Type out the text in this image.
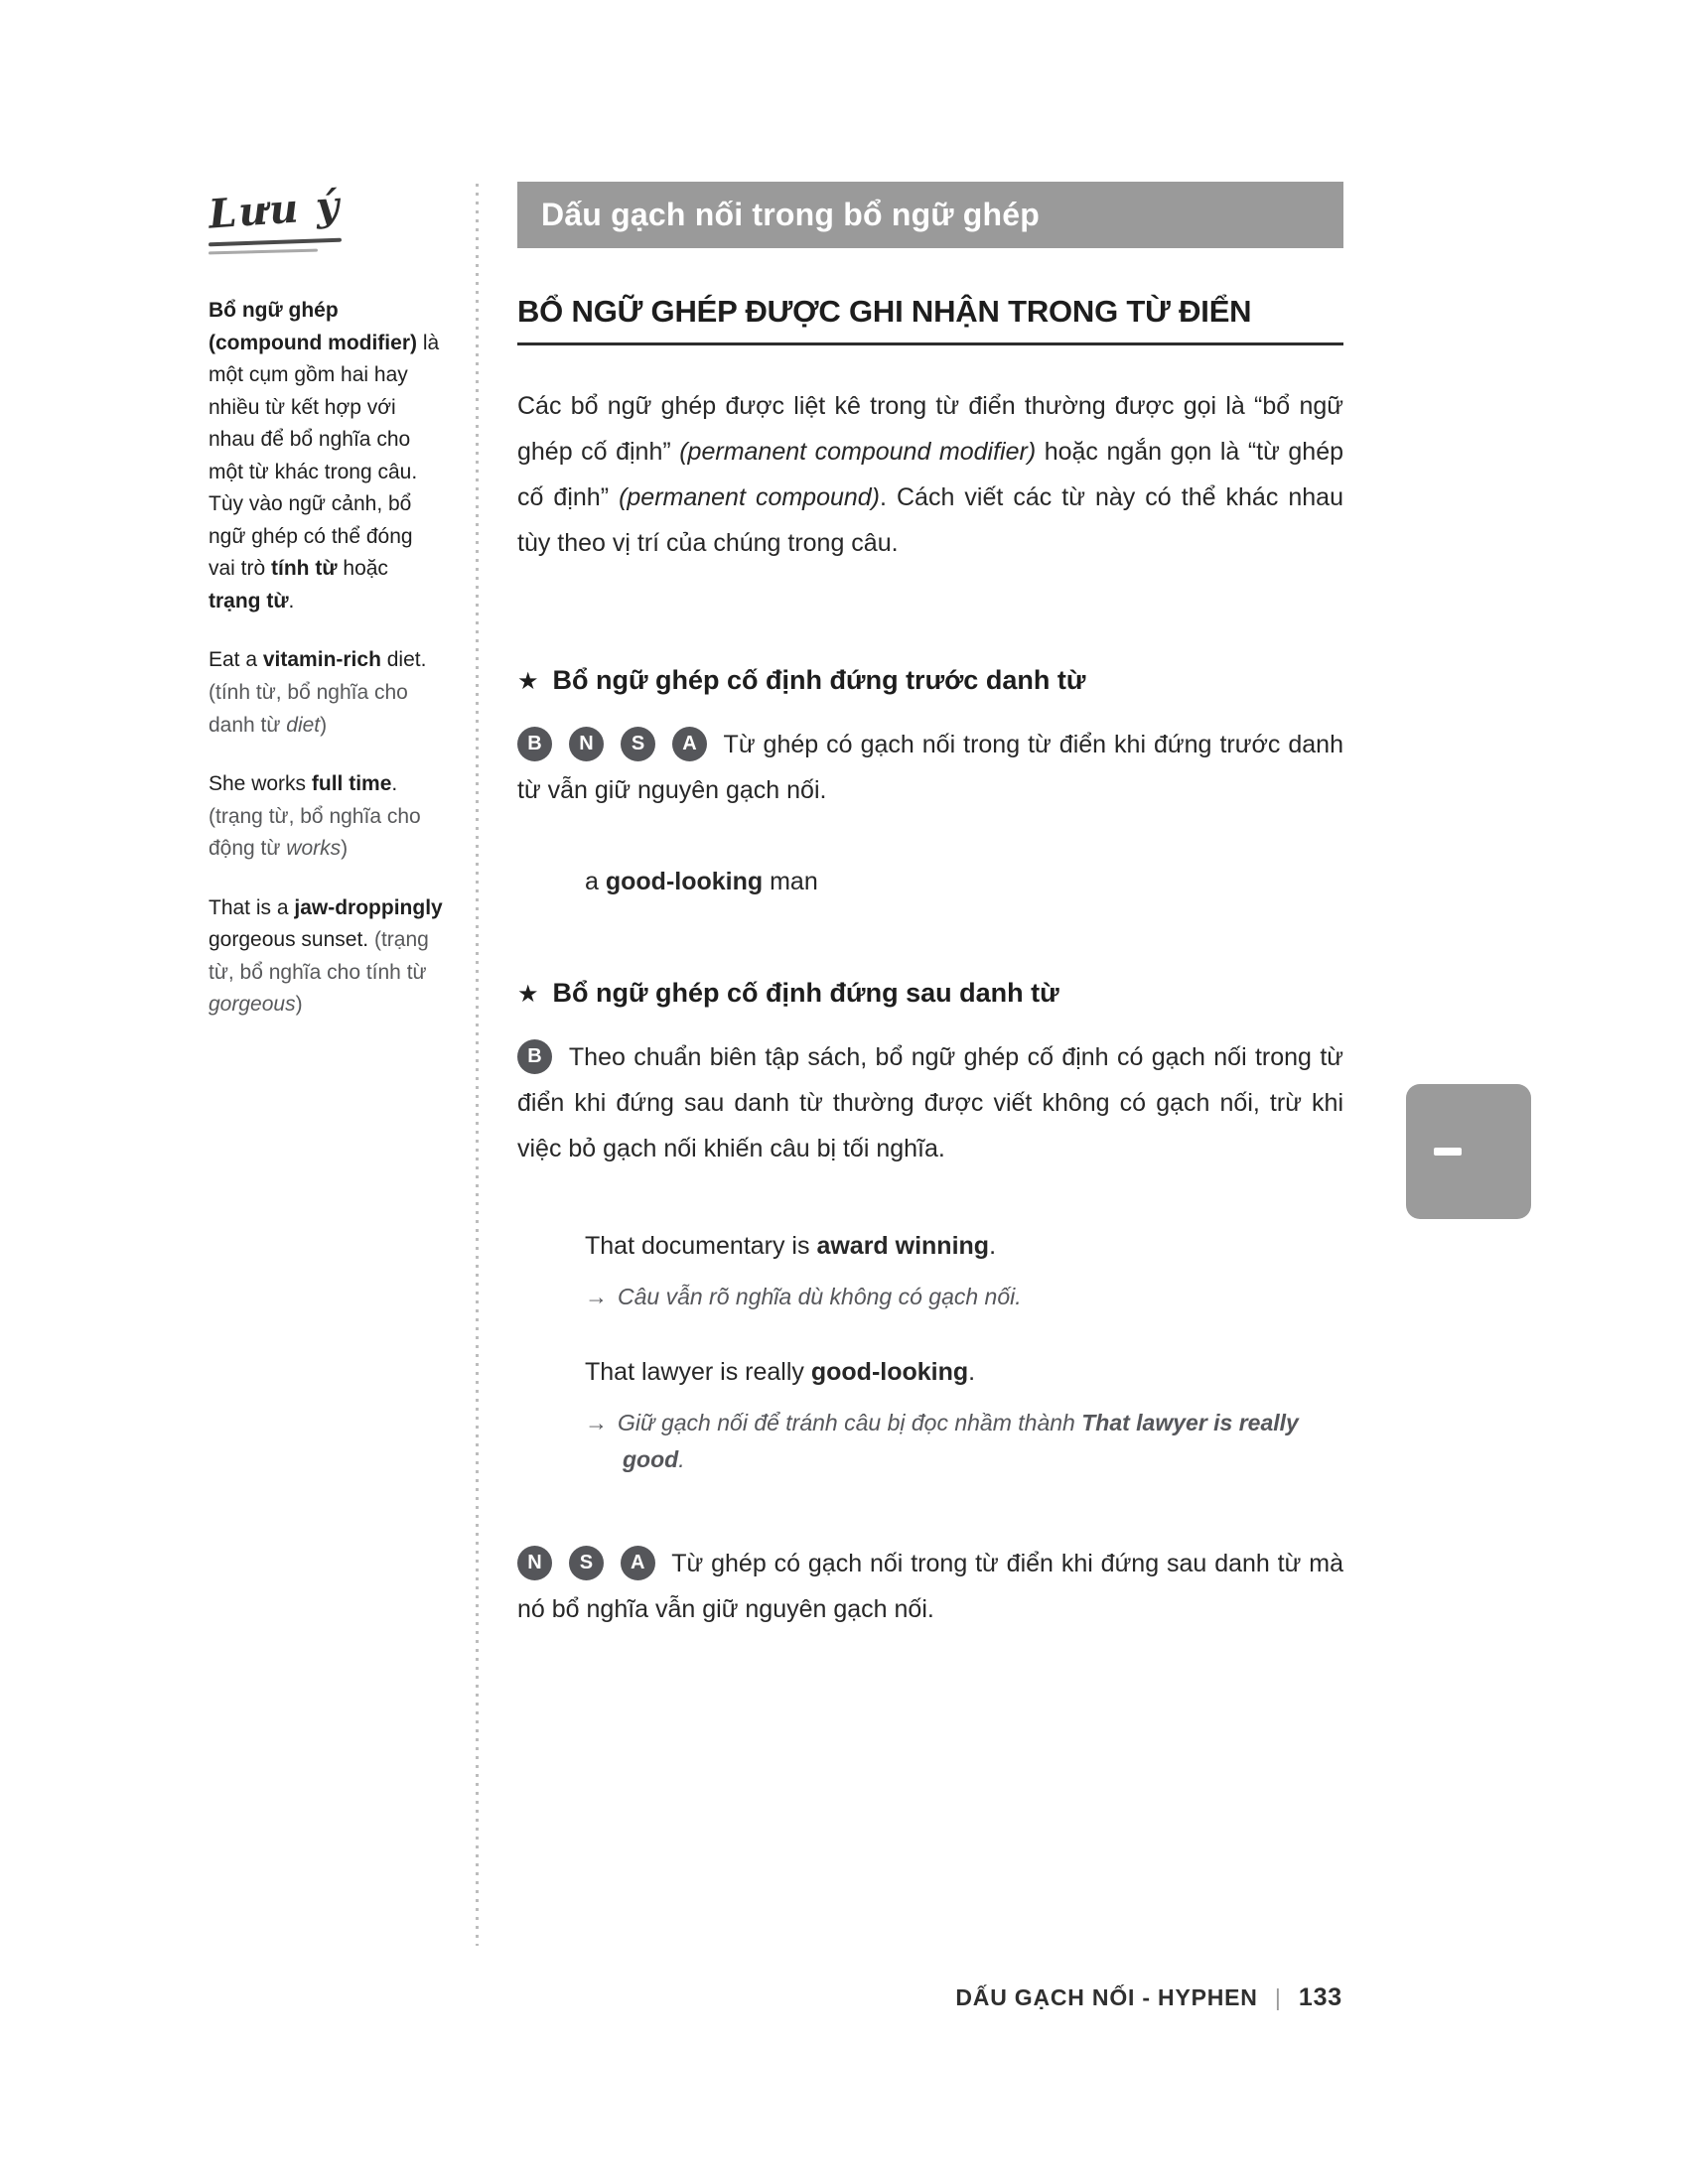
Lưu ý

Bổ ngữ ghép (compound modifier) là một cụm gồm hai hay nhiều từ kết hợp với nhau để bổ nghĩa cho một từ khác trong câu. Tùy vào ngữ cảnh, bổ ngữ ghép có thể đóng vai trò tính từ hoặc trạng từ.

Eat a vitamin-rich diet. (tính từ, bổ nghĩa cho danh từ diet)

She works full time. (trạng từ, bổ nghĩa cho động từ works)

That is a jaw-droppingly gorgeous sunset. (trạng từ, bổ nghĩa cho tính từ gorgeous)

Dấu gạch nối trong bổ ngữ ghép
BỔ NGỮ GHÉP ĐƯỢC GHI NHẬN TRONG TỪ ĐIỂN

Các bổ ngữ ghép được liệt kê trong từ điển thường được gọi là “bổ ngữ ghép cố định” (permanent compound modifier) hoặc ngắn gọn là “từ ghép cố định” (permanent compound). Cách viết các từ này có thể khác nhau tùy theo vị trí của chúng trong câu.

★ Bổ ngữ ghép cố định đứng trước danh từ

B N S A Từ ghép có gạch nối trong từ điển khi đứng trước danh từ vẫn giữ nguyên gạch nối.

a good-looking man

★ Bổ ngữ ghép cố định đứng sau danh từ

B Theo chuẩn biên tập sách, bổ ngữ ghép cố định có gạch nối trong từ điển khi đứng sau danh từ thường được viết không có gạch nối, trừ khi việc bỏ gạch nối khiến câu bị tối nghĩa.

That documentary is award winning.

→ Câu vẫn rõ nghĩa dù không có gạch nối.

That lawyer is really good-looking.

→ Giữ gạch nối để tránh câu bị đọc nhầm thành That lawyer is really good.

N S A Từ ghép có gạch nối trong từ điển khi đứng sau danh từ mà nó bổ nghĩa vẫn giữ nguyên gạch nối.

DẤU GẠCH NỐI - HYPHEN | 133
